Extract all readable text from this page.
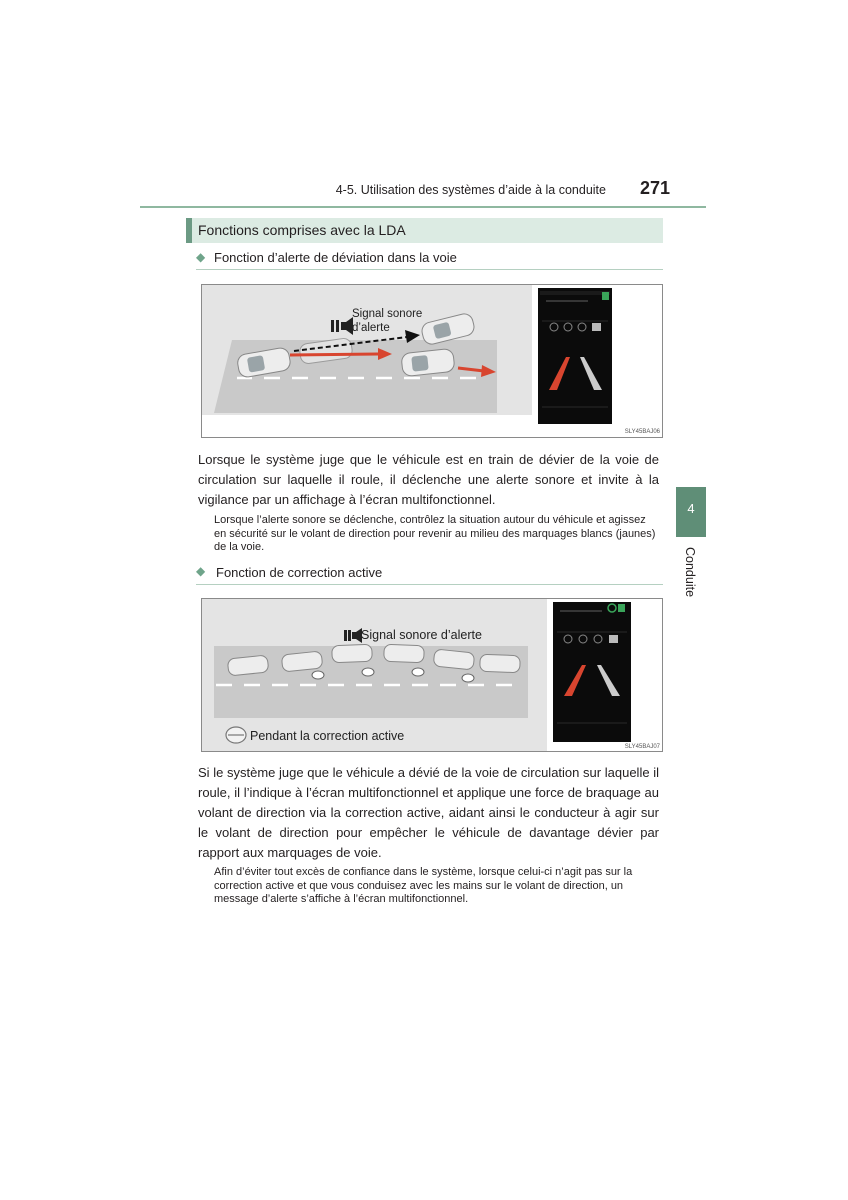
4-5. Utilisation des systèmes d’aide à la conduite	271
4
Conduite
Fonctions comprises avec la LDA
◆ Fonction d’alerte de déviation dans la voie
Signal sonore
d’alerte
SLY45BAJ06
Lorsque le système juge que le véhicule est en train de dévier de la voie de circulation sur laquelle il roule, il déclenche une alerte sonore et invite à la vigilance par un affichage à l’écran multifonctionnel.
Lorsque l’alerte sonore se déclenche, contrôlez la situation autour du véhicule et agissez en sécurité sur le volant de direction pour revenir au milieu des marquages blancs (jaunes) de la voie.
◆ Fonction de correction active
Signal sonore d’alerte
Pendant la correction active
SLY45BAJ07
Si le système juge que le véhicule a dévié de la voie de circulation sur laquelle il roule, il l’indique à l’écran multifonctionnel et applique une force de braquage au volant de direction via la correction active, aidant ainsi le conducteur à agir sur le volant de direction pour empêcher le véhicule de davantage dévier par rapport aux marquages de voie.
Afin d’éviter tout excès de confiance dans le système, lorsque celui-ci n’agit pas sur la correction active et que vous conduisez avec les mains sur le volant de direction, un message d’alerte s’affiche à l’écran multifonctionnel.
